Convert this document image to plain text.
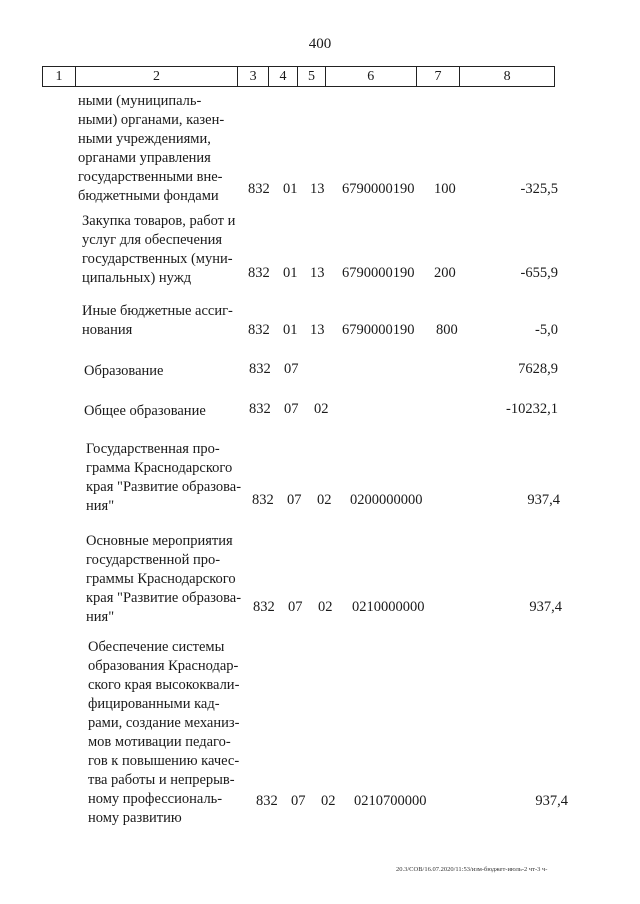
400
1	2	3	4	5	6	7	8
ными (муниципаль-
ными) органами, казен-
ными учреждениями,
органами управления
государственными вне-
бюджетными фондами	832 01 13 6790000190 100	-325,5
Закупка товаров, работ и
услуг для обеспечения
государственных (муни-
ципальных) нужд	832 01 13 6790000190 200	-655,9
Иные бюджетные ассиг-
нования	832 01 13 6790000190 800	-5,0
Образование	832 07	7628,9
Общее образование	832 07 02	-10232,1
Государственная про-
грамма Краснодарского
края "Развитие образова-
ния"	832 07 02 0200000000	937,4
Основные мероприятия
государственной про-
граммы Краснодарского
края "Развитие образова-
ния"
832 07 02 0210000000	937,4
Обеспечение системы
образования Краснодар-
ского края высококвали-
фицированными кад-
рами, создание механиз-
мов мотивации педаго-
гов к повышению качес-
тва работы и непрерыв-
ному профессиональ-
ному развитию
832 07 02 0210700000	937,4
20.3/СОВ/16.07.2020/11:53/изм-бюджет-июль-2 чт-3 ч-
